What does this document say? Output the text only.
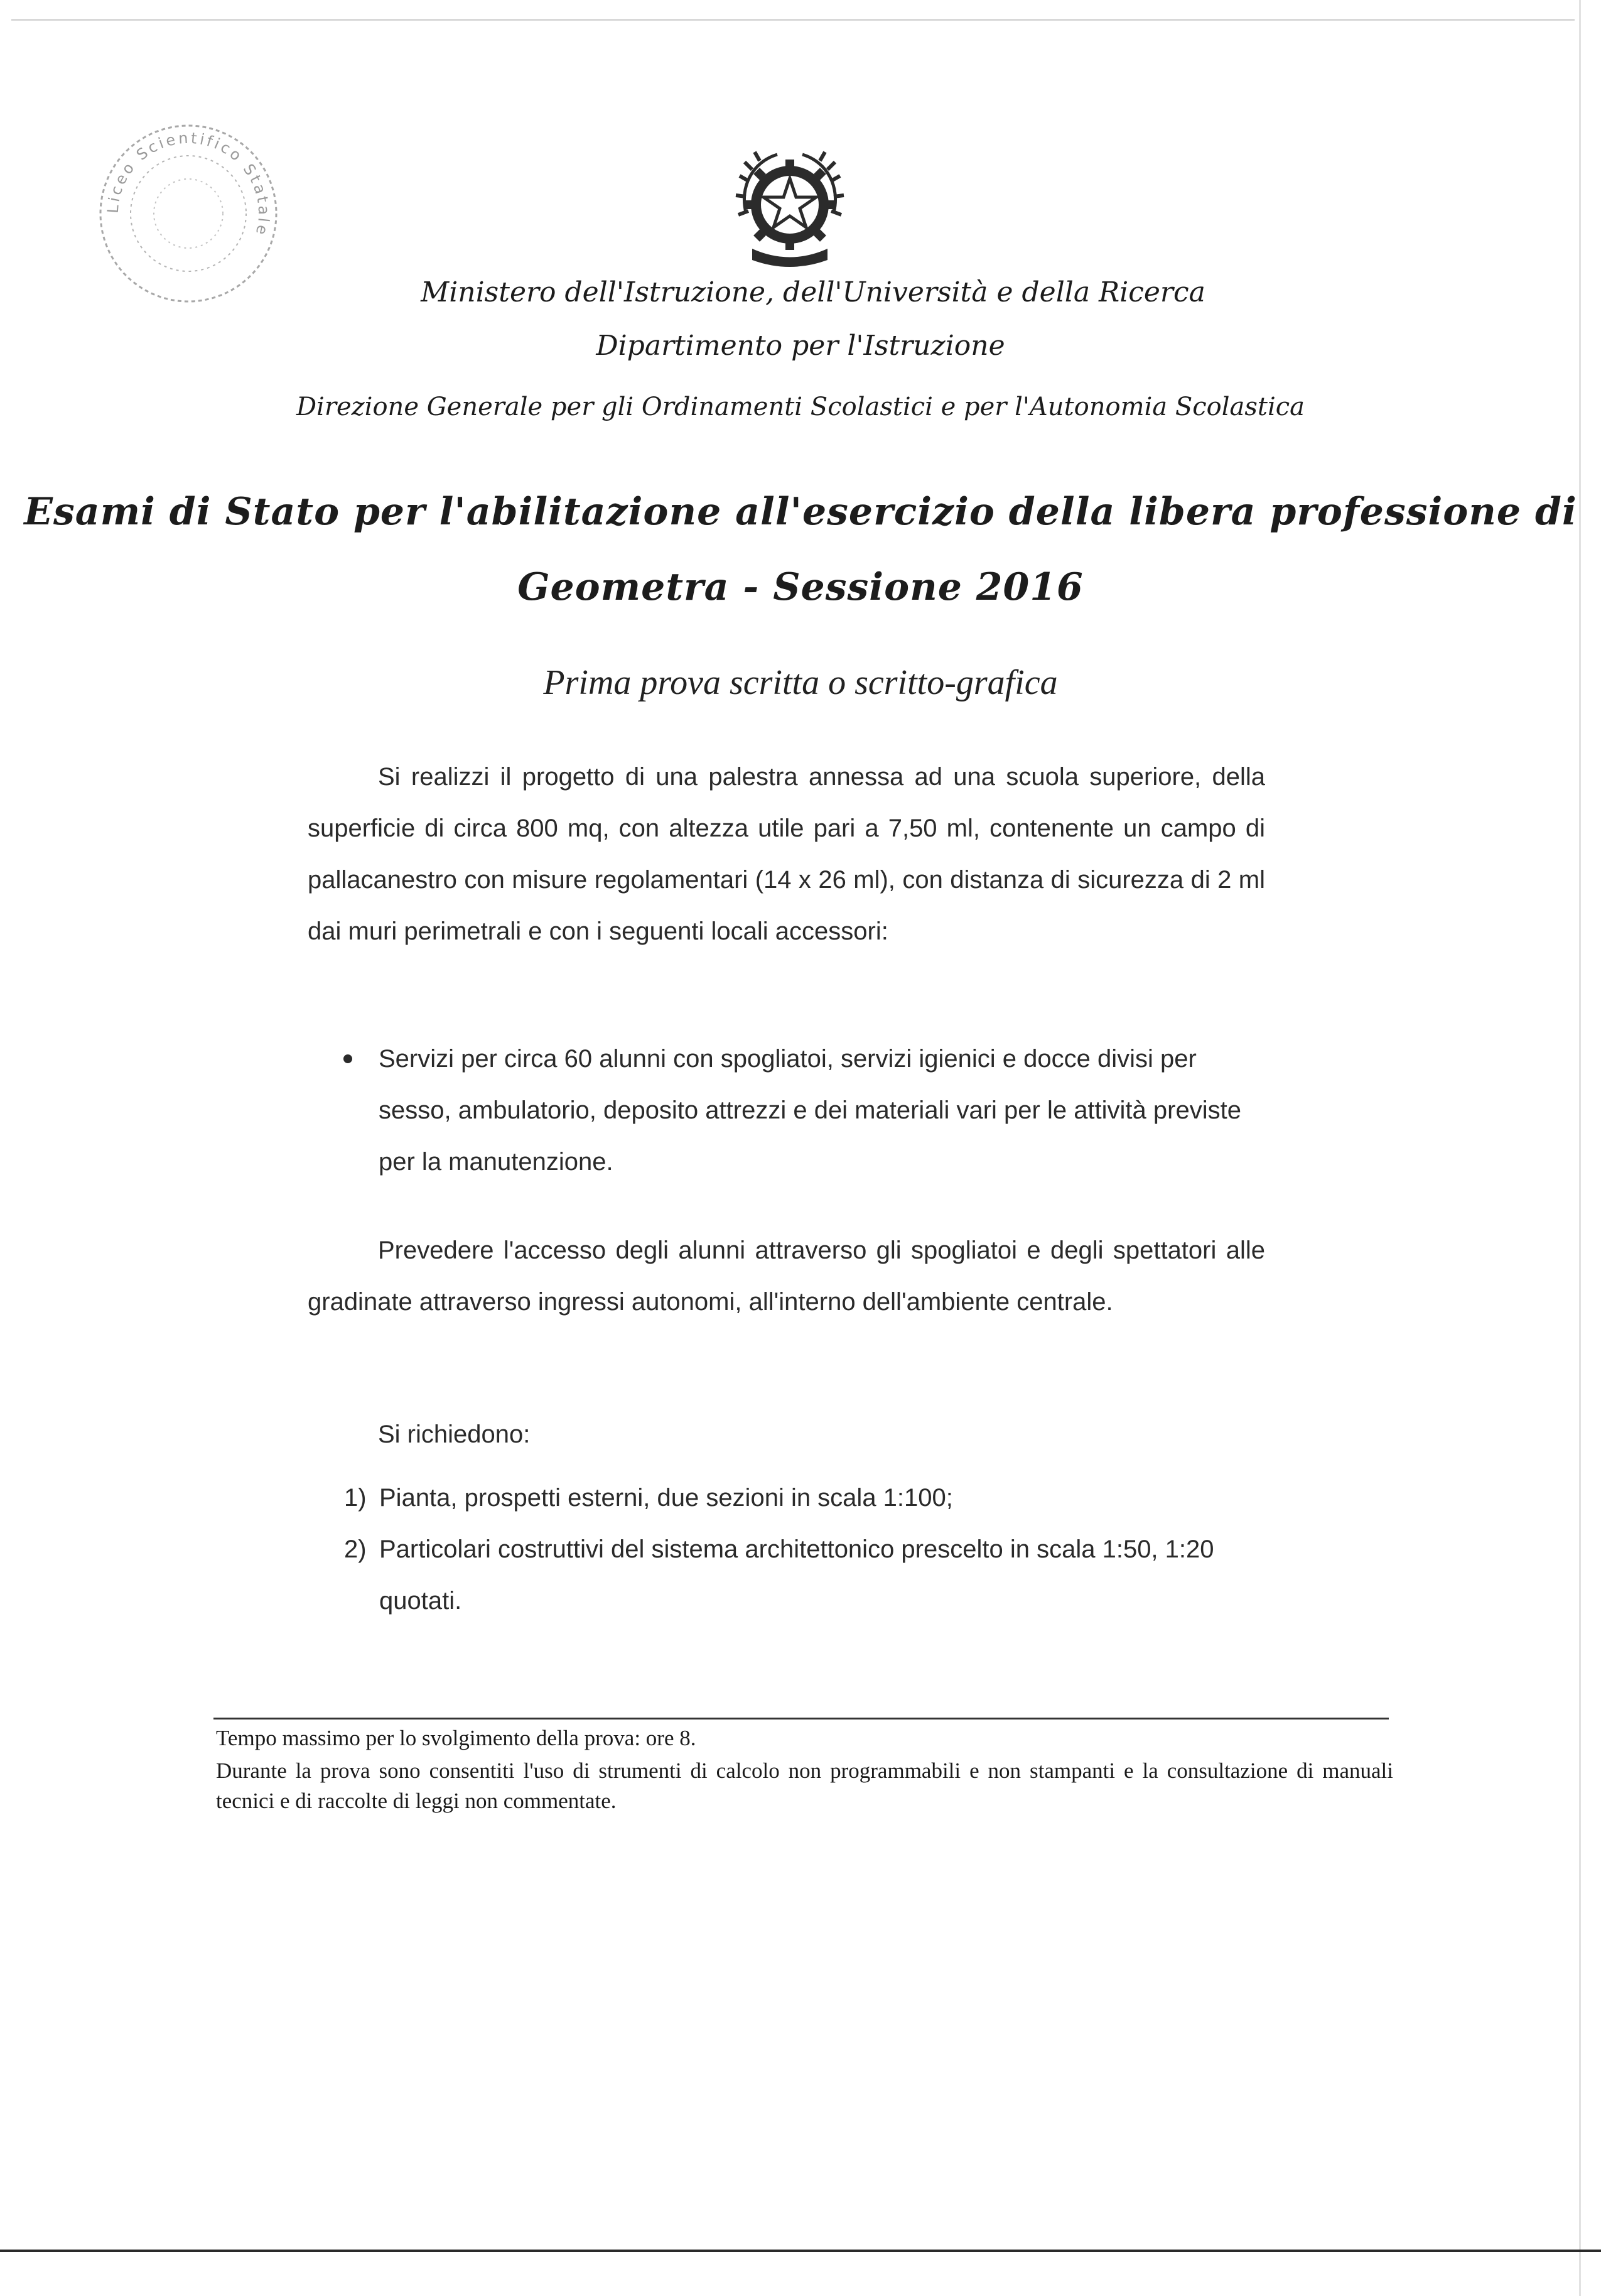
Liceo Scientifico Statale
Ministero dell'Istruzione, dell'Università e della Ricerca
Dipartimento per l'Istruzione
Direzione Generale per gli Ordinamenti Scolastici e per l'Autonomia Scolastica
Esami di Stato per l'abilitazione all'esercizio della libera professione di
Geometra - Sessione 2016
Prima prova scritta o scritto-grafica

Si realizzi il progetto di una palestra annessa ad una scuola superiore, della superficie di circa 800 mq, con altezza utile pari a 7,50 ml, contenente un campo di pallacanestro con misure regolamentari (14 x 26 ml), con distanza di sicurezza di 2 ml dai muri perimetrali e con i seguenti locali accessori:

Servizi per circa 60 alunni con spogliatoi, servizi igienici e docce divisi per sesso, ambulatorio, deposito attrezzi e dei materiali vari per le attività previste per la manutenzione.

Prevedere l'accesso degli alunni attraverso gli spogliatoi e degli spettatori alle gradinate attraverso ingressi autonomi, all'interno dell'ambiente centrale.

Si richiedono:

1) Pianta, prospetti esterni, due sezioni in scala 1:100;
2) Particolari costruttivi del sistema architettonico prescelto in scala 1:50, 1:20 quotati.

Tempo massimo per lo svolgimento della prova: ore 8.

Durante la prova sono consentiti l'uso di strumenti di calcolo non programmabili e non stampanti e la consultazione di manuali tecnici e di raccolte di leggi non commentate.
